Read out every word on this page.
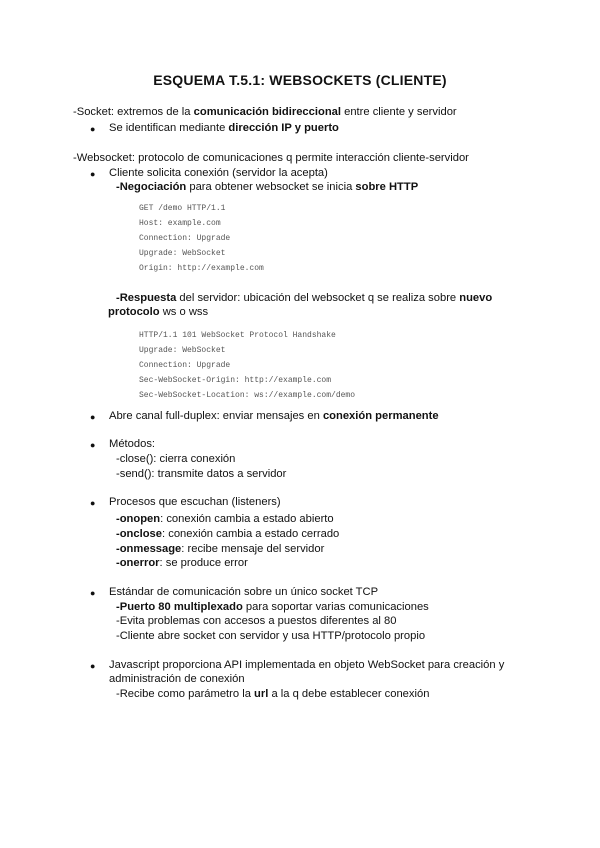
ESQUEMA T.5.1: WEBSOCKETS (CLIENTE)
-Socket: extremos de la comunicación bidireccional entre cliente y servidor
● Se identifican mediante dirección IP y puerto
-Websocket: protocolo de comunicaciones q permite interacción cliente-servidor
● Cliente solicita conexión (servidor la acepta)
-Negociación para obtener websocket se inicia sobre HTTP
GET /demo HTTP/1.1
Host: example.com
Connection: Upgrade
Upgrade: WebSocket
Origin: http://example.com
-Respuesta del servidor: ubicación del websocket q se realiza sobre nuevo
protocolo ws o wss
HTTP/1.1 101 WebSocket Protocol Handshake
Upgrade: WebSocket
Connection: Upgrade
Sec-WebSocket-Origin: http://example.com
Sec-WebSocket-Location: ws://example.com/demo
● Abre canal full-duplex: enviar mensajes en conexión permanente
● Métodos:
-close(): cierra conexión
-send(): transmite datos a servidor
● Procesos que escuchan (listeners)
-onopen: conexión cambia a estado abierto
-onclose: conexión cambia a estado cerrado
-onmessage: recibe mensaje del servidor
-onerror: se produce error
● Estándar de comunicación sobre un único socket TCP
-Puerto 80 multiplexado para soportar varias comunicaciones
-Evita problemas con accesos a puestos diferentes al 80
-Cliente abre socket con servidor y usa HTTP/protocolo propio
● Javascript proporciona API implementada en objeto WebSocket para creación y
administración de conexión
-Recibe como parámetro la url a la q debe establecer conexión
